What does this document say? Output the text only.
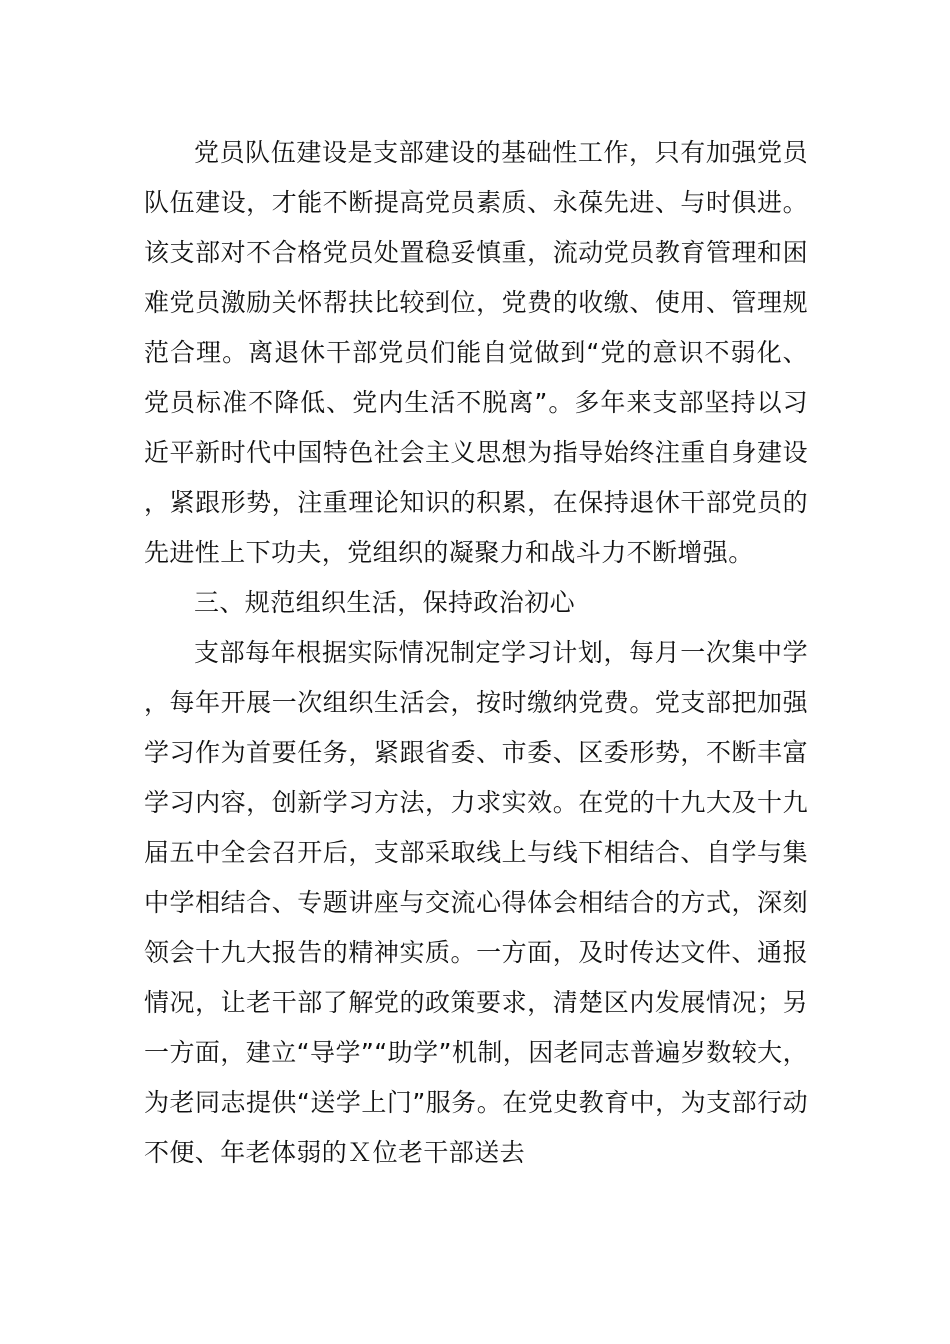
党员队伍建设是支部建设的基础性工作，只有加强党员队伍建设，才能不断提高党员素质、永葆先进、与时俱进。该支部对不合格党员处置稳妥慎重，流动党员教育管理和困难党员激励关怀帮扶比较到位，党费的收缴、使用、管理规范合理。离退休干部党员们能自觉做到“党的意识不弱化、党员标准不降低、党内生活不脱离”。多年来支部坚持以习近平新时代中国特色社会主义思想为指导始终注重自身建设，紧跟形势，注重理论知识的积累，在保持退休干部党员的先进性上下功夫，党组织的凝聚力和战斗力不断增强。

三、规范组织生活，保持政治初心

支部每年根据实际情况制定学习计划，每月一次集中学，每年开展一次组织生活会，按时缴纳党费。党支部把加强学习作为首要任务，紧跟省委、市委、区委形势，不断丰富学习内容，创新学习方法，力求实效。在党的十九大及十九届五中全会召开后，支部采取线上与线下相结合、自学与集中学相结合、专题讲座与交流心得体会相结合的方式，深刻领会十九大报告的精神实质。一方面，及时传达文件、通报情况，让老干部了解党的政策要求，清楚区内发展情况；另一方面，建立“导学”“助学”机制，因老同志普遍岁数较大，为老同志提供“送学上门”服务。在党史教育中，为支部行动不便、年老体弱的Ｘ位老干部送去
